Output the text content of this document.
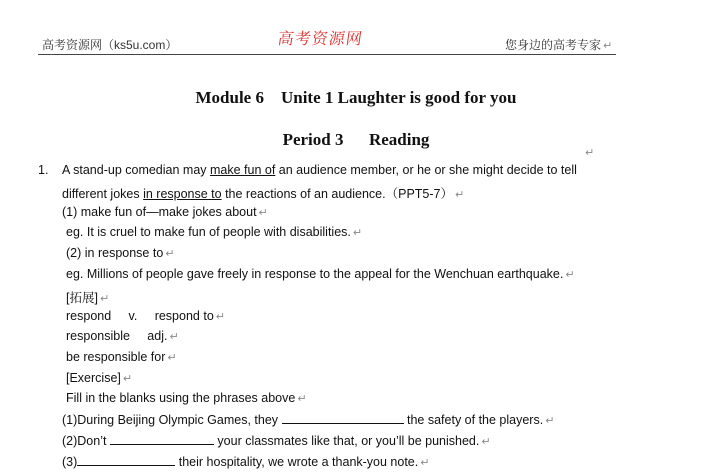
高考资源网（ks5u.com）	高考资源网	您身边的高考专家 ↵
Module 6    Unite 1 Laughter is good for you
Period 3      Reading
↵
1. A stand-up comedian may make fun of an audience member, or he or she might decide to tell
different jokes in response to the reactions of an audience.（PPT5-7） ↵
(1) make fun of—make jokes about ↵
eg. It is cruel to make fun of people with disabilities. ↵
(2) in response to ↵
eg. Millions of people gave freely in response to the appeal for the Wenchuan earthquake. ↵
[拓展] ↵
respond     v.     respond to ↵
responsible     adj. ↵
be responsible for ↵
[Exercise] ↵
Fill in the blanks using the phrases above ↵
(1)During Beijing Olympic Games, they	the safety of the players. ↵
(2)Don’t	your classmates like that, or you’ll be punished. ↵
(3)	their hospitality, we wrote a thank-you note. ↵
